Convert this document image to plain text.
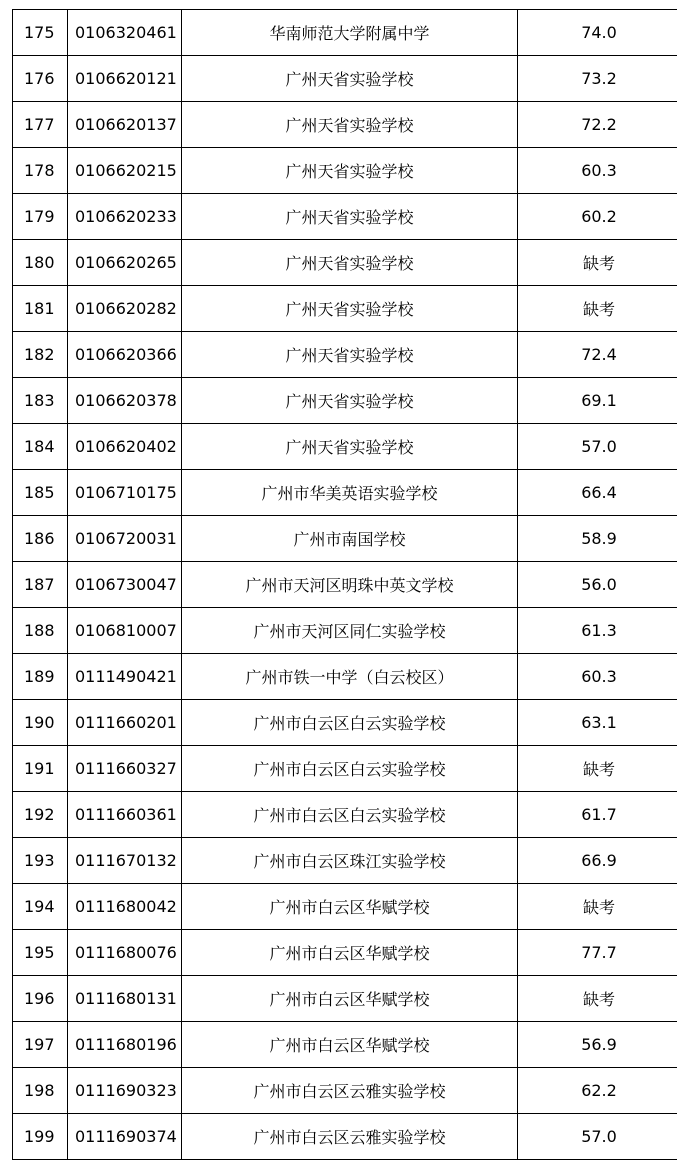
175	0106320461	华南师范大学附属中学	74.0
176	0106620121	广州天省实验学校	73.2
177	0106620137	广州天省实验学校	72.2
178	0106620215	广州天省实验学校	60.3
179	0106620233	广州天省实验学校	60.2
180	0106620265	广州天省实验学校	缺考
181	0106620282	广州天省实验学校	缺考
182	0106620366	广州天省实验学校	72.4
183	0106620378	广州天省实验学校	69.1
184	0106620402	广州天省实验学校	57.0
185	0106710175	广州市华美英语实验学校	66.4
186	0106720031	广州市南国学校	58.9
187	0106730047	广州市天河区明珠中英文学校	56.0
188	0106810007	广州市天河区同仁实验学校	61.3
189	0111490421	广州市铁一中学（白云校区）	60.3
190	0111660201	广州市白云区白云实验学校	63.1
191	0111660327	广州市白云区白云实验学校	缺考
192	0111660361	广州市白云区白云实验学校	61.7
193	0111670132	广州市白云区珠江实验学校	66.9
194	0111680042	广州市白云区华赋学校	缺考
195	0111680076	广州市白云区华赋学校	77.7
196	0111680131	广州市白云区华赋学校	缺考
197	0111680196	广州市白云区华赋学校	56.9
198	0111690323	广州市白云区云雅实验学校	62.2
199	0111690374	广州市白云区云雅实验学校	57.0
